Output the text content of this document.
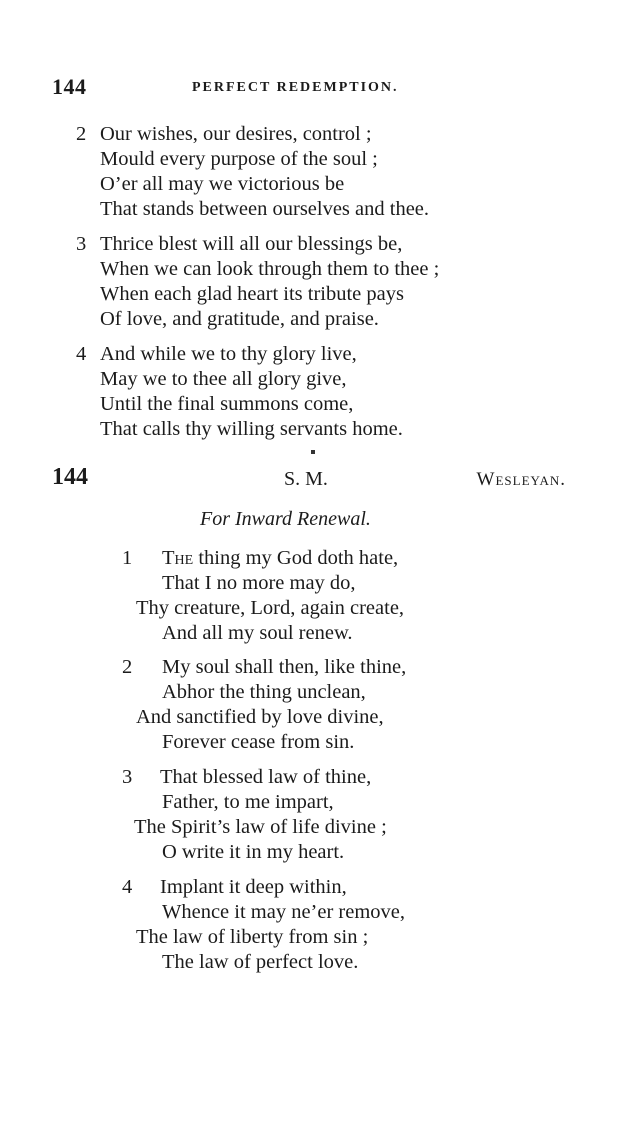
144	PERFECT REDEMPTION.
2 Our wishes, our desires, control ;
Mould every purpose of the soul ;
O’er all may we victorious be
That stands between ourselves and thee.
3 Thrice blest will all our blessings be,
When we can look through them to thee ;
When each glad heart its tribute pays
Of love, and gratitude, and praise.
4 And while we to thy glory live,
May we to thee all glory give,
Until the final summons come,
That calls thy willing servants home.
144	S. M.	Wesleyan.
For Inward Renewal.
1 The thing my God doth hate,
That I no more may do,
Thy creature, Lord, again create,
And all my soul renew.
2 My soul shall then, like thine,
Abhor the thing unclean,
And sanctified by love divine,
Forever cease from sin.
3 That blessed law of thine,
Father, to me impart,
The Spirit’s law of life divine ;
O write it in my heart.
4 Implant it deep within,
Whence it may ne’er remove,
The law of liberty from sin ;
The law of perfect love.
